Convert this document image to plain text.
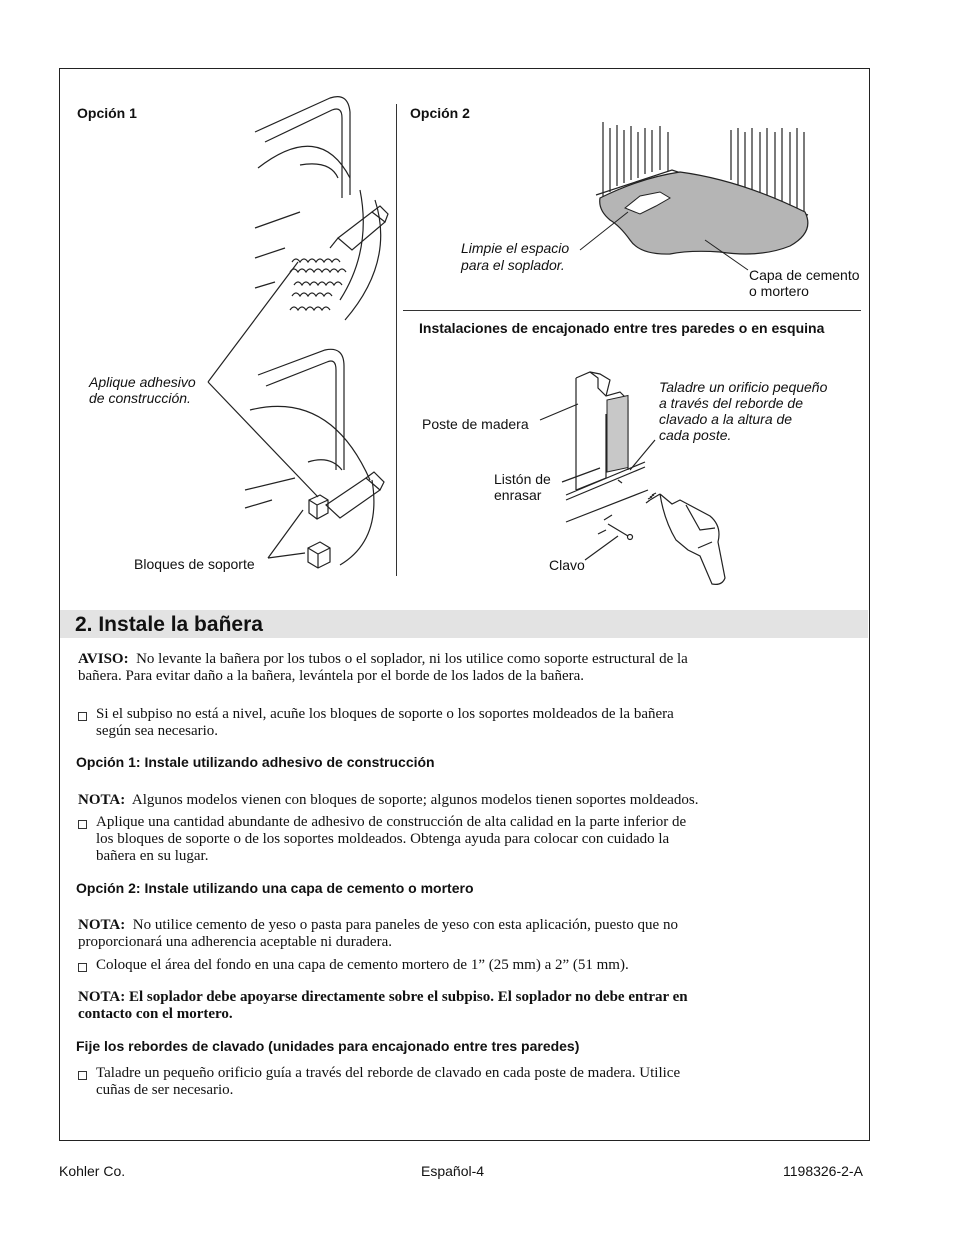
Opción 1
Aplique adhesivo
de construcción.
Bloques de soporte
Opción 2
Limpie el espacio
para el soplador.
Capa de cemento
o mortero
Instalaciones de encajonado entre tres paredes o en esquina
Poste de madera
Listón de
enrasar
Clavo
Taladre un orificio pequeño
a través del reborde de
clavado a la altura de
cada poste.
2. Instale la bañera
AVISO: No levante la bañera por los tubos o el soplador, ni los utilice como soporte estructural de la
bañera. Para evitar daño a la bañera, levántela por el borde de los lados de la bañera.
Si el subpiso no está a nivel, acuñe los bloques de soporte o los soportes moldeados de la bañera
según sea necesario.
Opción 1: Instale utilizando adhesivo de construcción
NOTA: Algunos modelos vienen con bloques de soporte; algunos modelos tienen soportes moldeados.
Aplique una cantidad abundante de adhesivo de construcción de alta calidad en la parte inferior de
los bloques de soporte o de los soportes moldeados. Obtenga ayuda para colocar con cuidado la
bañera en su lugar.
Opción 2: Instale utilizando una capa de cemento o mortero
NOTA: No utilice cemento de yeso o pasta para paneles de yeso con esta aplicación, puesto que no
proporcionará una adherencia aceptable ni duradera.
Coloque el área del fondo en una capa de cemento mortero de 1” (25 mm) a 2” (51 mm).
NOTA: El soplador debe apoyarse directamente sobre el subpiso. El soplador no debe entrar en
contacto con el mortero.
Fije los rebordes de clavado (unidades para encajonado entre tres paredes)
Taladre un pequeño orificio guía a través del reborde de clavado en cada poste de madera. Utilice
cuñas de ser necesario.
Kohler Co.	Español-4	1198326-2-A
